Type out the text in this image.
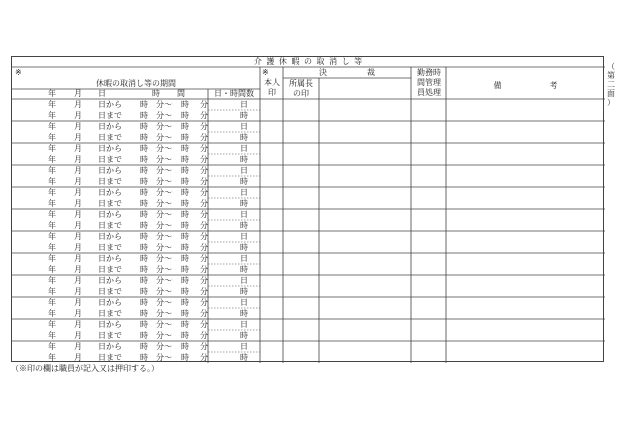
（
第
二
面
）
介 護 休 暇 の 取 消 し 等
※
休暇の取消し等の期間
※
本人印
決　　　　　裁
所属長の印
勤務時間管理員処理
備　　　　　　考
年 月 日	時 間	日・時間数
年 月 日から 時 分〜 時 分	日
年 月 日まで 時 分〜 時 分	時
年 月 日から 時 分〜 時 分	日
年 月 日まで 時 分〜 時 分	時
年 月 日から 時 分〜 時 分	日
年 月 日まで 時 分〜 時 分	時
年 月 日から 時 分〜 時 分	日
年 月 日まで 時 分〜 時 分	時
年 月 日から 時 分〜 時 分	日
年 月 日まで 時 分〜 時 分	時
年 月 日から 時 分〜 時 分	日
年 月 日まで 時 分〜 時 分	時
年 月 日から 時 分〜 時 分	日
年 月 日まで 時 分〜 時 分	時
年 月 日から 時 分〜 時 分	日
年 月 日まで 時 分〜 時 分	時
年 月 日から 時 分〜 時 分	日
年 月 日まで 時 分〜 時 分	時
年 月 日から 時 分〜 時 分	日
年 月 日まで 時 分〜 時 分	時
年 月 日から 時 分〜 時 分	日
年 月 日まで 時 分〜 時 分	時
年 月 日から 時 分〜 時 分	日
年 月 日まで 時 分〜 時 分	時
（※印の欄は職員が記入又は押印する。）
